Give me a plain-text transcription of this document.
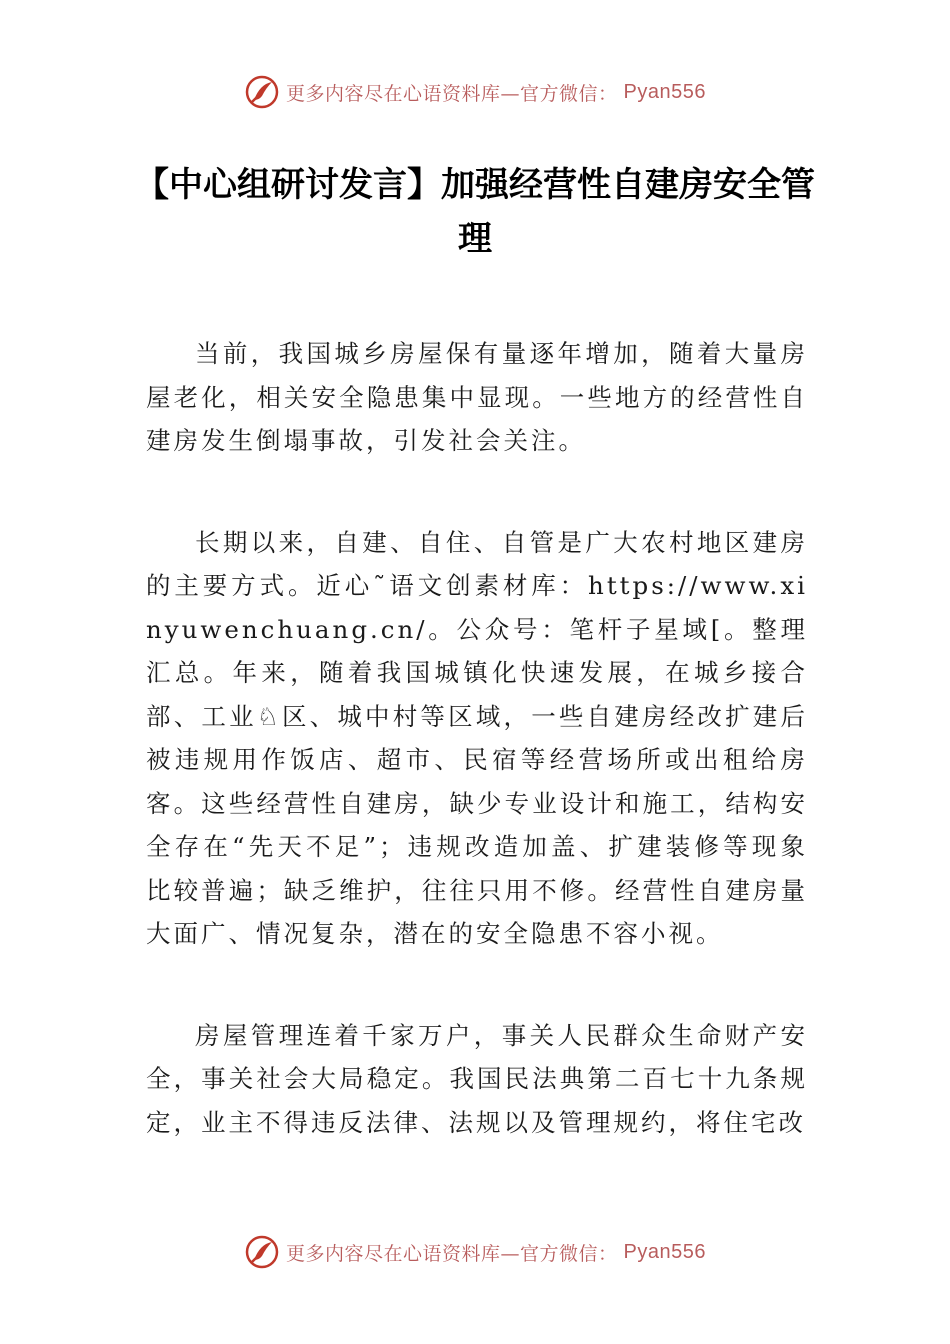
更多内容尽在心语资料库—官方微信： Pyan556
【中心组研讨发言】加强经营性自建房安全管理

当前，我国城乡房屋保有量逐年增加，随着大量房屋老化，相关安全隐患集中显现。一些地方的经营性自建房发生倒塌事故，引发社会关注。

长期以来，自建、自住、自管是广大农村地区建房的主要方式。近心˜语文创素材库：https://www.xinyuwenchuang.cn/。公众号：笔杆子星域[。整理汇总。年来，随着我国城镇化快速发展，在城乡接合部、工业♘区、城中村等区域，一些自建房经改扩建后被违规用作饭店、超市、民宿等经营场所或出租给房客。这些经营性自建房，缺少专业设计和施工，结构安全存在“先天不足”；违规改造加盖、扩建装修等现象比较普遍；缺乏维护，往往只用不修。经营性自建房量大面广、情况复杂，潜在的安全隐患不容小视。

房屋管理连着千家万户，事关人民群众生命财产安全，事关社会大局稳定。我国民法典第二百七十九条规定，业主不得违反法律、法规以及管理规约，将住宅改

更多内容尽在心语资料库—官方微信： Pyan556
